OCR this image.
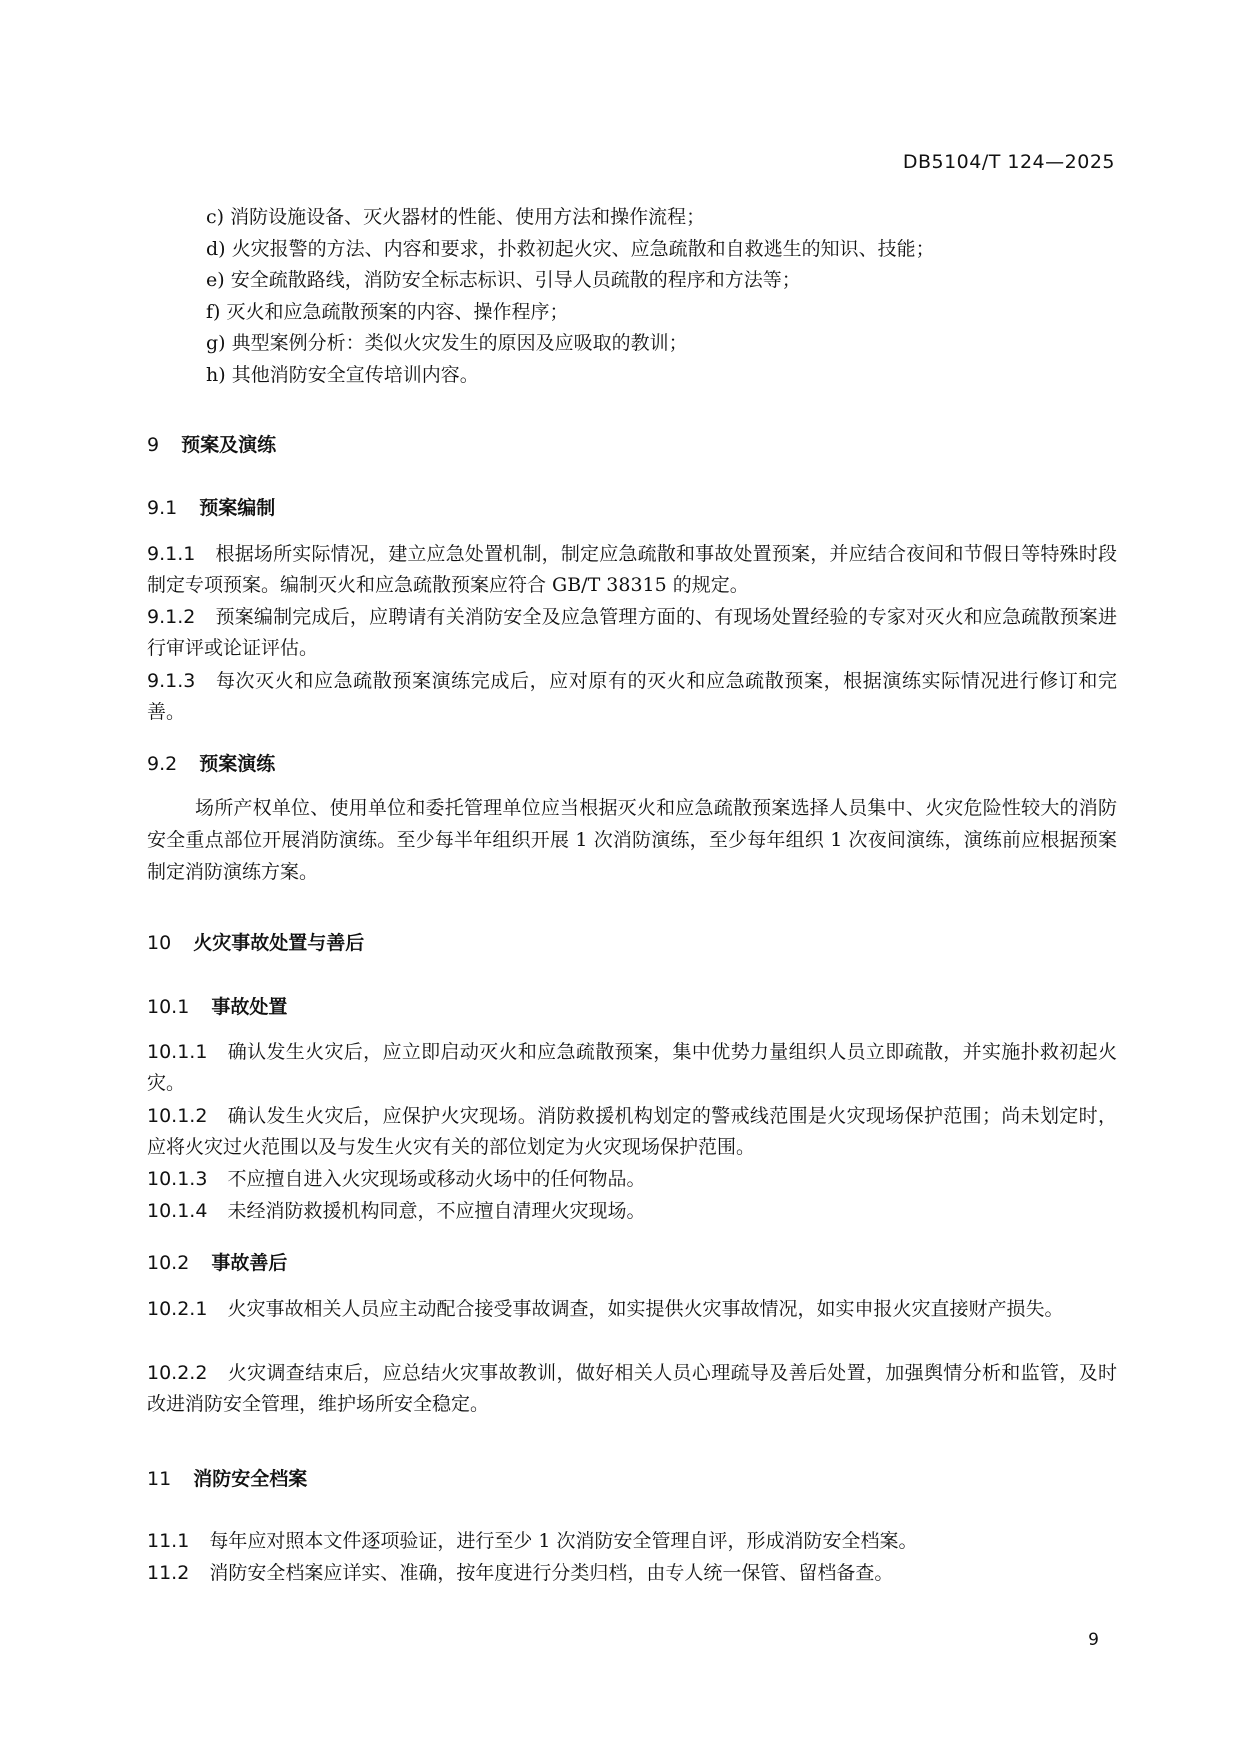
DB5104/T 124—2025
c) 消防设施设备、灭火器材的性能、使用方法和操作流程；
d) 火灾报警的方法、内容和要求，扑救初起火灾、应急疏散和自救逃生的知识、技能；
e) 安全疏散路线，消防安全标志标识、引导人员疏散的程序和方法等；
f) 灭火和应急疏散预案的内容、操作程序；
g) 典型案例分析：类似火灾发生的原因及应吸取的教训；
h) 其他消防安全宣传培训内容。
9 预案及演练
9.1 预案编制
9.1.1 根据场所实际情况，建立应急处置机制，制定应急疏散和事故处置预案，并应结合夜间和节假日等特殊时段制定专项预案。编制灭火和应急疏散预案应符合 GB/T 38315 的规定。
9.1.2 预案编制完成后，应聘请有关消防安全及应急管理方面的、有现场处置经验的专家对灭火和应急疏散预案进行审评或论证评估。
9.1.3 每次灭火和应急疏散预案演练完成后，应对原有的灭火和应急疏散预案，根据演练实际情况进行修订和完善。
9.2 预案演练
场所产权单位、使用单位和委托管理单位应当根据灭火和应急疏散预案选择人员集中、火灾危险性较大的消防安全重点部位开展消防演练。至少每半年组织开展 1 次消防演练，至少每年组织 1 次夜间演练，演练前应根据预案制定消防演练方案。
10 火灾事故处置与善后
10.1 事故处置
10.1.1 确认发生火灾后，应立即启动灭火和应急疏散预案，集中优势力量组织人员立即疏散，并实施扑救初起火灾。
10.1.2 确认发生火灾后，应保护火灾现场。消防救援机构划定的警戒线范围是火灾现场保护范围；尚未划定时，应将火灾过火范围以及与发生火灾有关的部位划定为火灾现场保护范围。
10.1.3 不应擅自进入火灾现场或移动火场中的任何物品。
10.1.4 未经消防救援机构同意，不应擅自清理火灾现场。
10.2 事故善后
10.2.1 火灾事故相关人员应主动配合接受事故调查，如实提供火灾事故情况，如实申报火灾直接财产损失。
10.2.2 火灾调查结束后，应总结火灾事故教训，做好相关人员心理疏导及善后处置，加强舆情分析和监管，及时改进消防安全管理，维护场所安全稳定。
11 消防安全档案
11.1 每年应对照本文件逐项验证，进行至少 1 次消防安全管理自评，形成消防安全档案。
11.2 消防安全档案应详实、准确，按年度进行分类归档，由专人统一保管、留档备查。
9
